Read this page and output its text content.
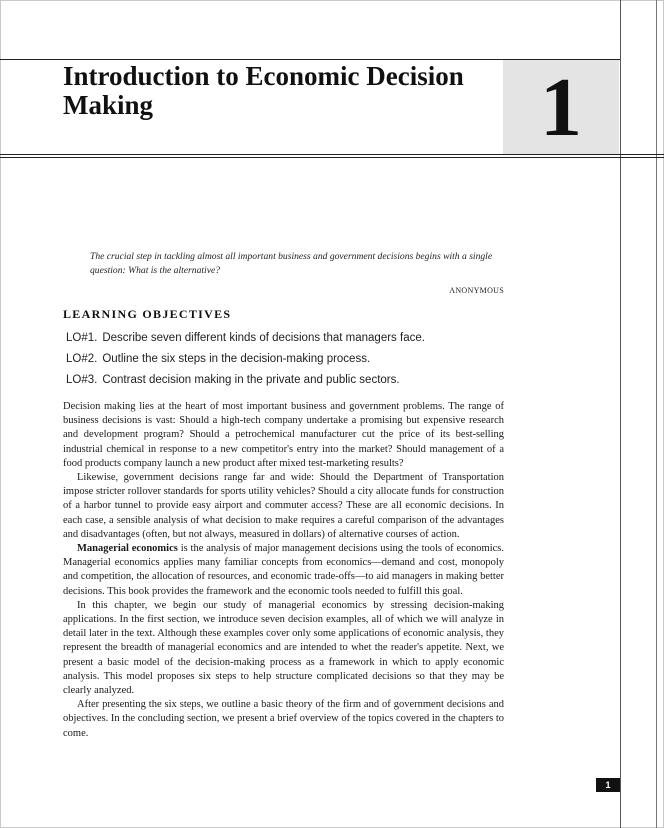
Introduction to Economic Decision Making	1

The crucial step in tackling almost all important business and government decisions begins with a single question: What is the alternative?

ANONYMOUS
LEARNING OBJECTIVES
LO#1. Describe seven different kinds of decisions that managers face.
LO#2. Outline the six steps in the decision-making process.
LO#3. Contrast decision making in the private and public sectors.

Decision making lies at the heart of most important business and government problems. The range of business decisions is vast: Should a high-tech company undertake a promising but expensive research and development program? Should a petrochemical manufacturer cut the price of its best-selling industrial chemical in response to a new competitor's entry into the market? Should management of a food products company launch a new product after mixed test-marketing results?

Likewise, government decisions range far and wide: Should the Department of Transportation impose stricter rollover standards for sports utility vehicles? Should a city allocate funds for construction of a harbor tunnel to provide easy airport and commuter access? These are all economic decisions. In each case, a sensible analysis of what decision to make requires a careful comparison of the advantages and disadvantages (often, but not always, measured in dollars) of alternative courses of action.

Managerial economics is the analysis of major management decisions using the tools of economics. Managerial economics applies many familiar concepts from economics—demand and cost, monopoly and competition, the allocation of resources, and economic trade-offs—to aid managers in making better decisions. This book provides the framework and the economic tools needed to fulfill this goal.

In this chapter, we begin our study of managerial economics by stressing decision-making applications. In the first section, we introduce seven decision examples, all of which we will analyze in detail later in the text. Although these examples cover only some applications of economic analysis, they represent the breadth of managerial economics and are intended to whet the reader's appetite. Next, we present a basic model of the decision-making process as a framework in which to apply economic analysis. This model proposes six steps to help structure complicated decisions so that they may be clearly analyzed.

After presenting the six steps, we outline a basic theory of the firm and of government decisions and objectives. In the concluding section, we present a brief overview of the topics covered in the chapters to come.

1
